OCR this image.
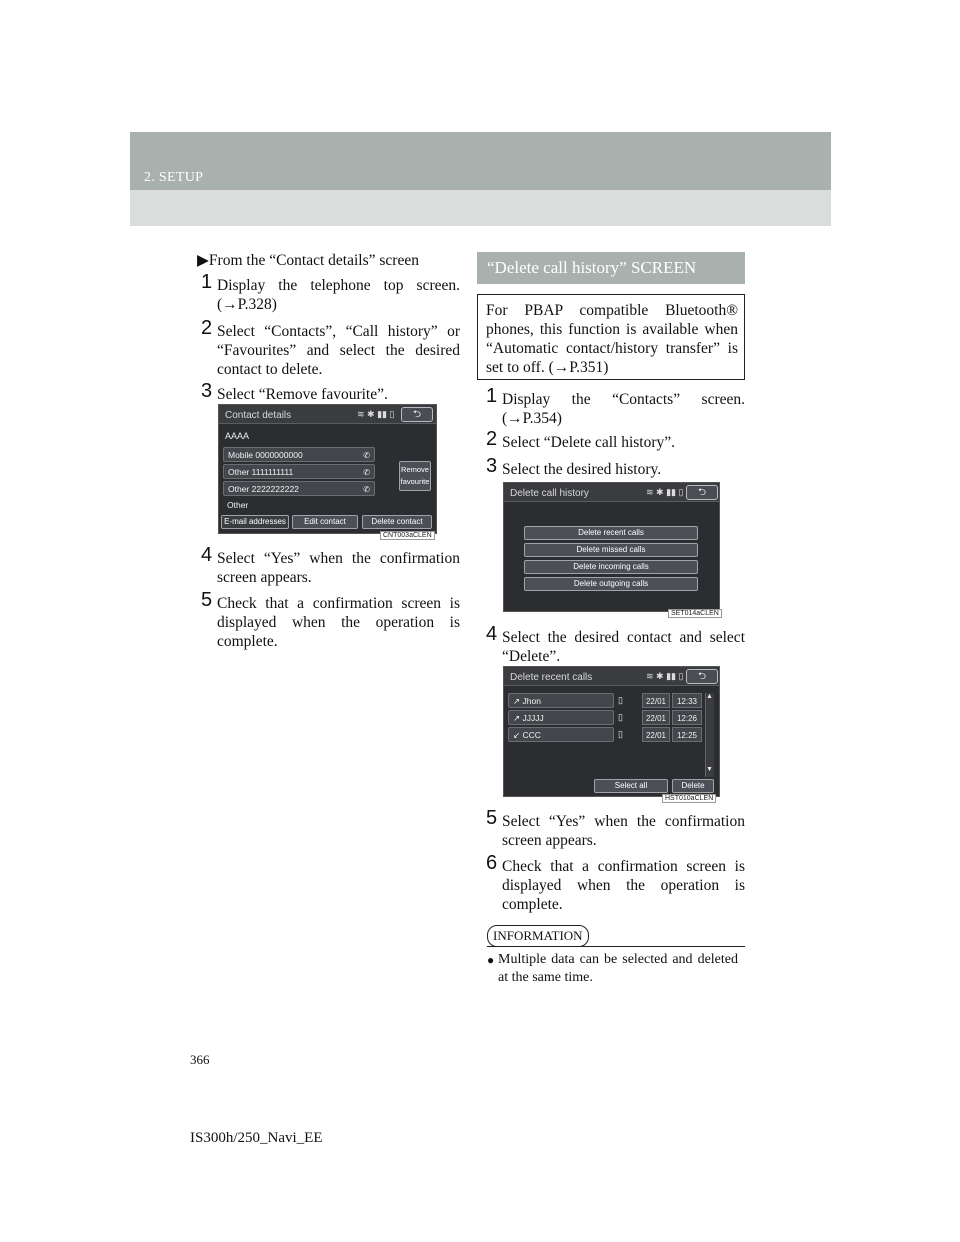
2. SETUP
▶From the “Contact details” screen
1 Display the telephone top screen. (→P.328)
2 Select “Contacts”, “Call history” or “Favourites” and select the desired contact to delete.
3 Select “Remove favourite”.
Contact details	≋ ✱ ▮▮ ▯	⮌
AAAA
Mobile 0000000000	✆
Other 1111111111	✆
Other 2222222222	✆
Other
Remove favourite
E-mail addresses	Edit contact	Delete contact
CNT003aCLEN
4 Select “Yes” when the confirmation screen appears.
5 Check that a confirmation screen is displayed when the operation is complete.
“Delete call history” SCREEN
For PBAP compatible Bluetooth® phones, this function is available when “Automatic contact/history transfer” is set to off. (→P.351)
1 Display the “Contacts” screen. (→P.354)
2 Select “Delete call history”.
3 Select the desired history.
Delete call history	≋ ✱ ▮▮ ▯	⮌
Delete recent calls
Delete missed calls
Delete incoming calls
Delete outgoing calls
SET014aCLEN
4 Select the desired contact and select “Delete”.
Delete recent calls	≋ ✱ ▮▮ ▯	⮌
↗ Jhon	▯	22/01	12:33
↗ JJJJJ	▯	22/01	12:26
↙ CCC	▯	22/01	12:25
▲
▼
Select all	Delete
HST010aCLEN
5 Select “Yes” when the confirmation screen appears.
6 Check that a confirmation screen is displayed when the operation is complete.
INFORMATION
● Multiple data can be selected and deleted at the same time.
366
IS300h/250_Navi_EE
